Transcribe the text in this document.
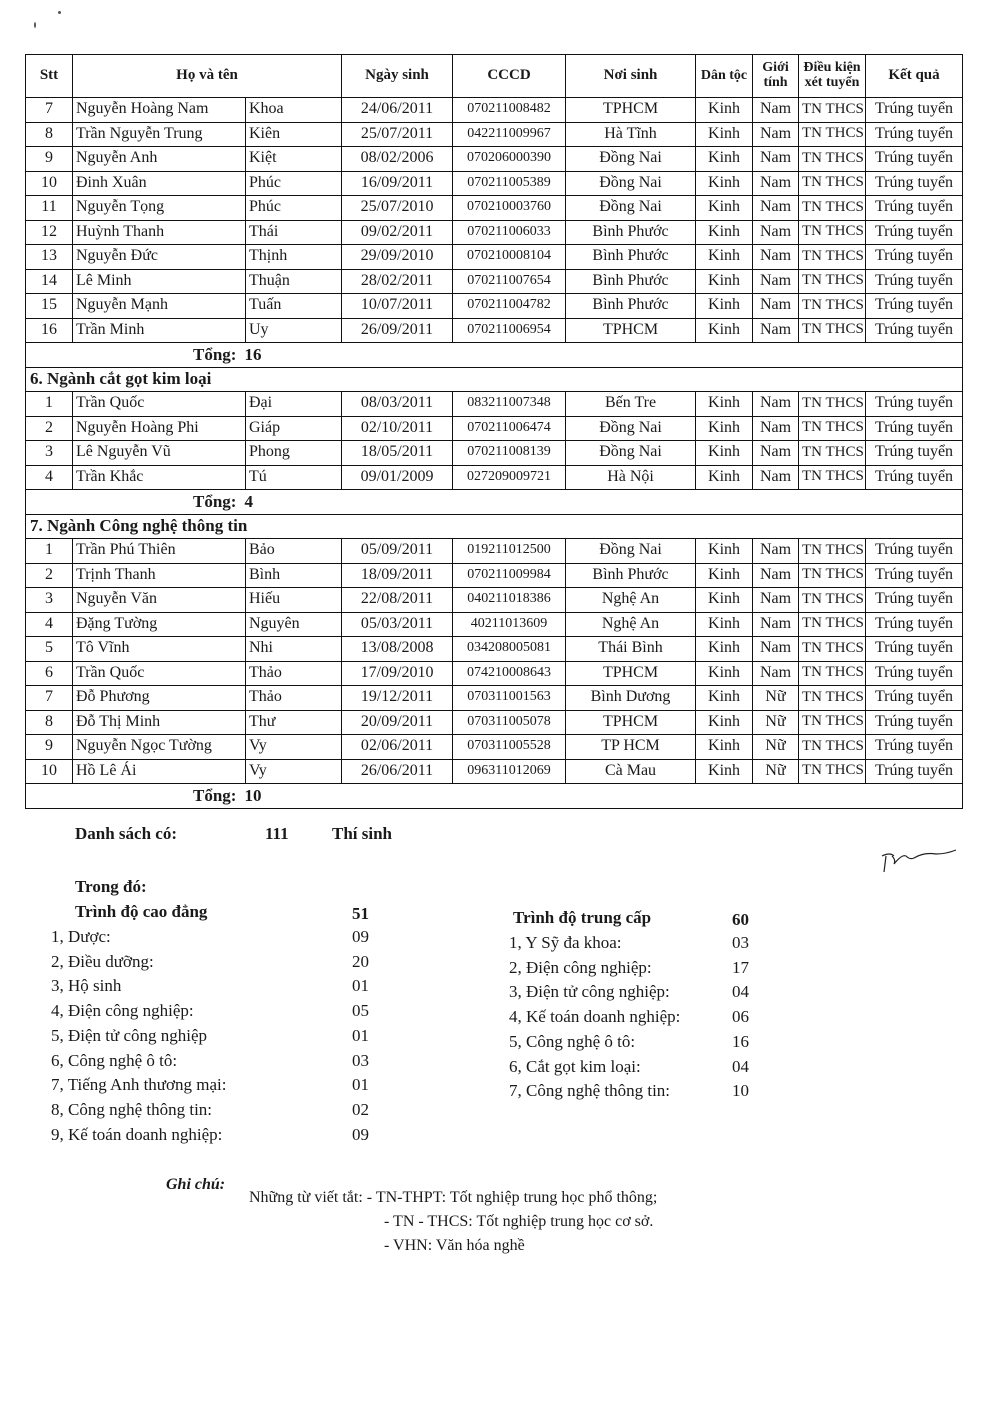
Stt	Họ và tên		Ngày sinh	CCCD	Nơi sinh	Dân tộc	Giới tính	Điều kiện xét tuyển	Kết quả
7	Nguyễn Hoàng Nam	Khoa	24/06/2011	070211008482	TPHCM	Kinh	Nam	TN THCS	Trúng tuyển
8	Trần Nguyễn Trung	Kiên	25/07/2011	042211009967	Hà Tĩnh	Kinh	Nam	TN THCS	Trúng tuyển
9	Nguyễn Anh	Kiệt	08/02/2006	070206000390	Đồng Nai	Kinh	Nam	TN THCS	Trúng tuyển
10	Đinh Xuân	Phúc	16/09/2011	070211005389	Đồng Nai	Kinh	Nam	TN THCS	Trúng tuyển
11	Nguyễn Tọng	Phúc	25/07/2010	070210003760	Đồng Nai	Kinh	Nam	TN THCS	Trúng tuyển
12	Huỳnh Thanh	Thái	09/02/2011	070211006033	Bình Phước	Kinh	Nam	TN THCS	Trúng tuyển
13	Nguyễn Đức	Thịnh	29/09/2010	070210008104	Bình Phước	Kinh	Nam	TN THCS	Trúng tuyển
14	Lê Minh	Thuận	28/02/2011	070211007654	Bình Phước	Kinh	Nam	TN THCS	Trúng tuyển
15	Nguyễn Mạnh	Tuấn	10/07/2011	070211004782	Bình Phước	Kinh	Nam	TN THCS	Trúng tuyển
16	Trần Minh	Uy	26/09/2011	070211006954	TPHCM	Kinh	Nam	TN THCS	Trúng tuyển
Tổng: 16									
6. Ngành cắt gọt kim loại									
1	Trần Quốc	Đại	08/03/2011	083211007348	Bến Tre	Kinh	Nam	TN THCS	Trúng tuyển
2	Nguyễn Hoàng Phi	Giáp	02/10/2011	070211006474	Đồng Nai	Kinh	Nam	TN THCS	Trúng tuyển
3	Lê Nguyễn Vũ	Phong	18/05/2011	070211008139	Đồng Nai	Kinh	Nam	TN THCS	Trúng tuyển
4	Trần Khắc	Tú	09/01/2009	027209009721	Hà Nội	Kinh	Nam	TN THCS	Trúng tuyển
Tổng: 4									
7. Ngành Công nghệ thông tin									
1	Trần Phú Thiên	Bảo	05/09/2011	019211012500	Đồng Nai	Kinh	Nam	TN THCS	Trúng tuyển
2	Trịnh Thanh	Bình	18/09/2011	070211009984	Bình Phước	Kinh	Nam	TN THCS	Trúng tuyển
3	Nguyễn Văn	Hiếu	22/08/2011	040211018386	Nghệ An	Kinh	Nam	TN THCS	Trúng tuyển
4	Đặng Tường	Nguyên	05/03/2011	40211013609	Nghệ An	Kinh	Nam	TN THCS	Trúng tuyển
5	Tô Vĩnh	Nhi	13/08/2008	034208005081	Thái Bình	Kinh	Nam	TN THCS	Trúng tuyển
6	Trần Quốc	Thảo	17/09/2010	074210008643	TPHCM	Kinh	Nam	TN THCS	Trúng tuyển
7	Đỗ Phương	Thảo	19/12/2011	070311001563	Bình Dương	Kinh	Nữ	TN THCS	Trúng tuyển
8	Đỗ Thị Minh	Thư	20/09/2011	070311005078	TPHCM	Kinh	Nữ	TN THCS	Trúng tuyển
9	Nguyễn Ngọc Tường	Vy	02/06/2011	070311005528	TP HCM	Kinh	Nữ	TN THCS	Trúng tuyển
10	Hồ Lê Ái	Vy	26/06/2011	096311012069	Cà Mau	Kinh	Nữ	TN THCS	Trúng tuyển
Tổng: 10									
Danh sách có:	111	Thí sinh
Trong đó:
Trình độ cao đẳng	51
1, Dược:	09
2, Điều dưỡng:	20
3, Hộ sinh	01
4, Điện công nghiệp:	05
5, Điện tử công nghiệp	01
6, Công nghệ ô tô:	03
7, Tiếng Anh thương mại:	01
8, Công nghệ thông tin:	02
9, Kế toán doanh nghiệp:	09
Trình độ trung cấp	60
1, Y Sỹ đa khoa:	03
2, Điện công nghiệp:	17
3, Điện tử công nghiệp:	04
4, Kế toán doanh nghiệp:	06
5, Công nghệ ô tô:	16
6, Cắt gọt kim loại:	04
7, Công nghệ thông tin:	10
Ghi chú:
Những từ viết tắt: - TN-THPT: Tốt nghiệp trung học phổ thông;
- TN - THCS: Tốt nghiệp trung học cơ sở.
- VHN: Văn hóa nghề
